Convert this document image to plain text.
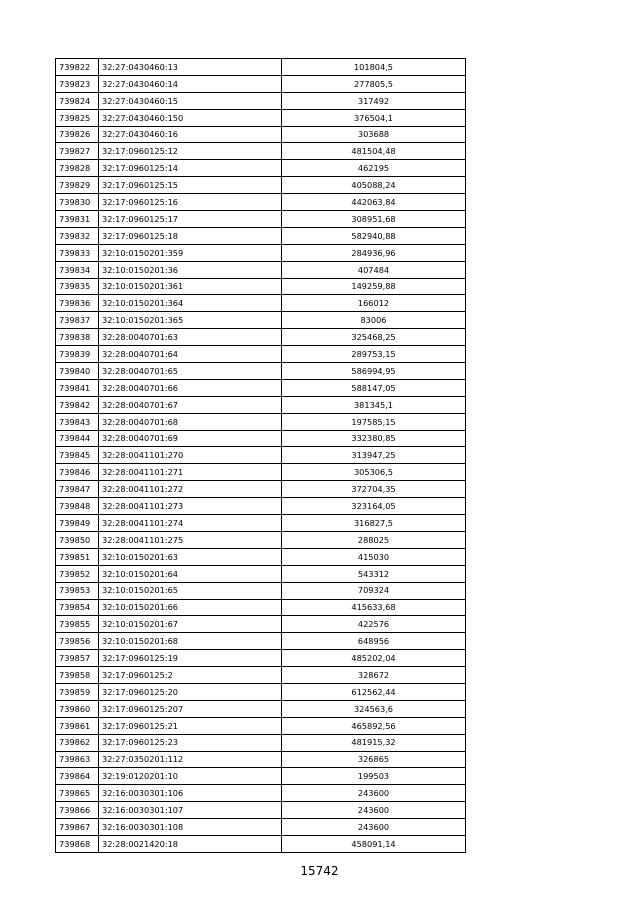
739822	32:27:0430460:13	101804,5
739823	32:27:0430460:14	277805,5
739824	32:27:0430460:15	317492
739825	32:27:0430460:150	376504,1
739826	32:27:0430460:16	303688
739827	32:17:0960125:12	481504,48
739828	32:17:0960125:14	462195
739829	32:17:0960125:15	405088,24
739830	32:17:0960125:16	442063,84
739831	32:17:0960125:17	308951,68
739832	32:17:0960125:18	582940,88
739833	32:10:0150201:359	284936,96
739834	32:10:0150201:36	407484
739835	32:10:0150201:361	149259,88
739836	32:10:0150201:364	166012
739837	32:10:0150201:365	83006
739838	32:28:0040701:63	325468,25
739839	32:28:0040701:64	289753,15
739840	32:28:0040701:65	586994,95
739841	32:28:0040701:66	588147,05
739842	32:28:0040701:67	381345,1
739843	32:28:0040701:68	197585,15
739844	32:28:0040701:69	332380,85
739845	32:28:0041101:270	313947,25
739846	32:28:0041101:271	305306,5
739847	32:28:0041101:272	372704,35
739848	32:28:0041101:273	323164,05
739849	32:28:0041101:274	316827,5
739850	32:28:0041101:275	288025
739851	32:10:0150201:63	415030
739852	32:10:0150201:64	543312
739853	32:10:0150201:65	709324
739854	32:10:0150201:66	415633,68
739855	32:10:0150201:67	422576
739856	32:10:0150201:68	648956
739857	32:17:0960125:19	485202,04
739858	32:17:0960125:2	328672
739859	32:17:0960125:20	612562,44
739860	32:17:0960125:207	324563,6
739861	32:17:0960125:21	465892,56
739862	32:17:0960125:23	481915,32
739863	32:27:0350201:112	326865
739864	32:19:0120201:10	199503
739865	32:16:0030301:106	243600
739866	32:16:0030301:107	243600
739867	32:16:0030301:108	243600
739868	32:28:0021420:18	458091,14
15742
